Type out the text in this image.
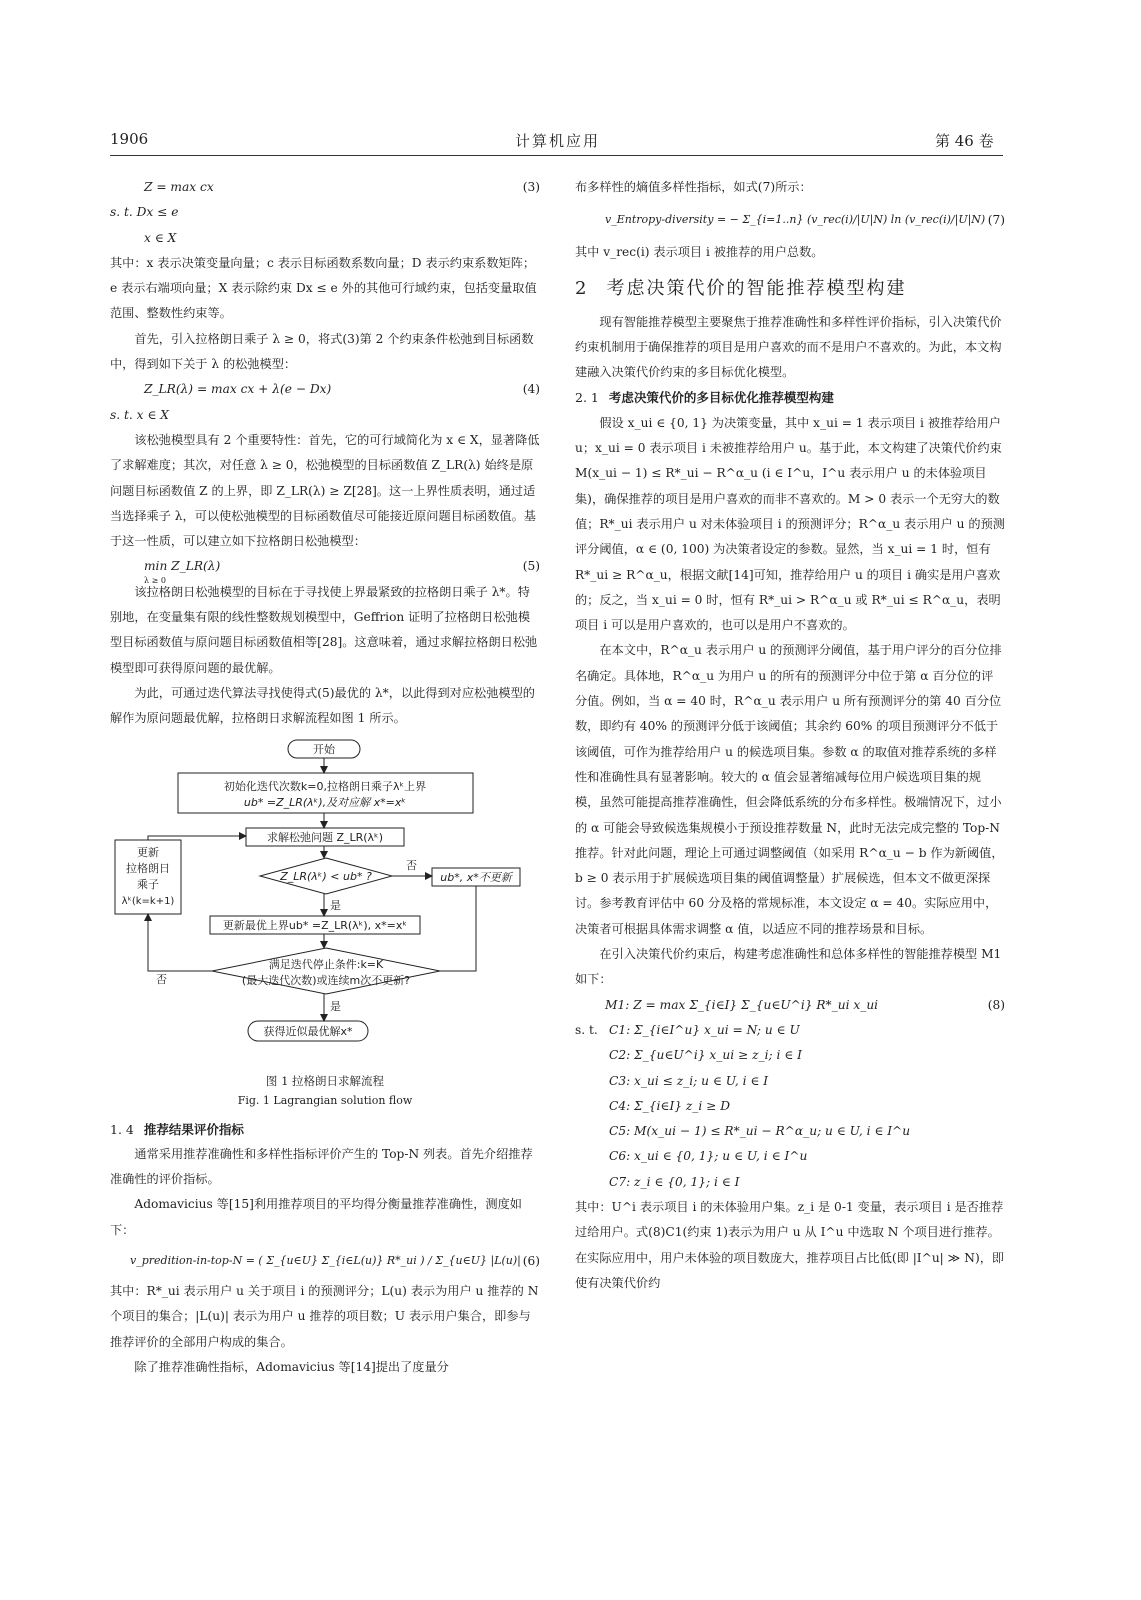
1906	计算机应用	第 46 卷
Z = max cx	(3)
s. t. Dx ≤ e
x ∈ X

其中：x 表示决策变量向量；c 表示目标函数系数向量；D 表示约束系数矩阵；e 表示右端项向量；X 表示除约束 Dx ≤ e 外的其他可行域约束，包括变量取值范围、整数性约束等。

首先，引入拉格朗日乘子 λ ≥ 0，将式(3)第 2 个约束条件松弛到目标函数中，得到如下关于 λ 的松弛模型：

Z_LR(λ) = max cx + λ(e − Dx)	(4)
s. t. x ∈ X

该松弛模型具有 2 个重要特性：首先，它的可行域简化为 x ∈ X，显著降低了求解难度；其次，对任意 λ ≥ 0，松弛模型的目标函数值 Z_LR(λ) 始终是原问题目标函数值 Z 的上界，即 Z_LR(λ) ≥ Z[28]。这一上界性质表明，通过适当选择乘子 λ，可以使松弛模型的目标函数值尽可能接近原问题目标函数值。基于这一性质，可以建立如下拉格朗日松弛模型：

min Z_LR(λ)
λ ≥ 0
(5)

该拉格朗日松弛模型的目标在于寻找使上界最紧致的拉格朗日乘子 λ*。特别地，在变量集有限的线性整数规划模型中，Geffrion 证明了拉格朗日松弛模型目标函数值与原问题目标函数值相等[28]。这意味着，通过求解拉格朗日松弛模型即可获得原问题的最优解。

为此，可通过迭代算法寻找使得式(5)最优的 λ*，以此得到对应松弛模型的解作为原问题最优解，拉格朗日求解流程如图 1 所示。

开始
初始化迭代次数k=0,拉格朗日乘子λᵏ上界
ub* =Z_LR(λᵏ),及对应解 x*=xᵏ
求解松弛问题 Z_LR(λᵏ)
Z_LR(λᵏ) < ub* ?
否
ub*, x*不更新
是
更新最优上界ub* =Z_LR(λᵏ), x*=xᵏ
满足迭代停止条件:k=K
(最大迭代次数)或连续m次不更新?
否
是
更新
拉格朗日
乘子
λᵏ(k=k+1)
获得近似最优解x*
图 1 拉格朗日求解流程
Fig. 1 Lagrangian solution flow
1. 4 推荐结果评价指标

通常采用推荐准确性和多样性指标评价产生的 Top-N 列表。首先介绍推荐准确性的评价指标。

Adomavicius 等[15]利用推荐项目的平均得分衡量推荐准确性，测度如下：

v_predition-in-top-N = ( Σ_{u∈U} Σ_{i∈L(u)} R*_ui ) / Σ_{u∈U} |L(u)| (6)

其中：R*_ui 表示用户 u 关于项目 i 的预测评分；L(u) 表示为用户 u 推荐的 N 个项目的集合；|L(u)| 表示为用户 u 推荐的项目数；U 表示用户集合，即参与推荐评价的全部用户构成的集合。

除了推荐准确性指标，Adomavicius 等[14]提出了度量分

布多样性的熵值多样性指标，如式(7)所示：

v_Entropy-diversity = − Σ_{i=1..n} (v_rec(i)/|U|N) ln (v_rec(i)/|U|N) (7)

其中 v_rec(i) 表示项目 i 被推荐的用户总数。

2 考虑决策代价的智能推荐模型构建

现有智能推荐模型主要聚焦于推荐准确性和多样性评价指标，引入决策代价约束机制用于确保推荐的项目是用户喜欢的而不是用户不喜欢的。为此，本文构建融入决策代价约束的多目标优化模型。

2. 1 考虑决策代价的多目标优化推荐模型构建

假设 x_ui ∈ {0, 1} 为决策变量，其中 x_ui = 1 表示项目 i 被推荐给用户 u；x_ui = 0 表示项目 i 未被推荐给用户 u。基于此，本文构建了决策代价约束 M(x_ui − 1) ≤ R*_ui − R^α_u (i ∈ I^u，I^u 表示用户 u 的未体验项目集)，确保推荐的项目是用户喜欢的而非不喜欢的。M > 0 表示一个无穷大的数值；R*_ui 表示用户 u 对未体验项目 i 的预测评分；R^α_u 表示用户 u 的预测评分阈值，α ∈ (0, 100) 为决策者设定的参数。显然，当 x_ui = 1 时，恒有 R*_ui ≥ R^α_u，根据文献[14]可知，推荐给用户 u 的项目 i 确实是用户喜欢的；反之，当 x_ui = 0 时，恒有 R*_ui > R^α_u 或 R*_ui ≤ R^α_u，表明项目 i 可以是用户喜欢的，也可以是用户不喜欢的。

在本文中，R^α_u 表示用户 u 的预测评分阈值，基于用户评分的百分位排名确定。具体地，R^α_u 为用户 u 的所有的预测评分中位于第 α 百分位的评分值。例如，当 α = 40 时，R^α_u 表示用户 u 所有预测评分的第 40 百分位数，即约有 40% 的预测评分低于该阈值；其余约 60% 的项目预测评分不低于该阈值，可作为推荐给用户 u 的候选项目集。参数 α 的取值对推荐系统的多样性和准确性具有显著影响。较大的 α 值会显著缩减每位用户候选项目集的规模，虽然可能提高推荐准确性，但会降低系统的分布多样性。极端情况下，过小的 α 可能会导致候选集规模小于预设推荐数量 N，此时无法完成完整的 Top-N 推荐。针对此问题，理论上可通过调整阈值（如采用 R^α_u − b 作为新阈值，b ≥ 0 表示用于扩展候选项目集的阈值调整量）扩展候选，但本文不做更深探讨。参考教育评估中 60 分及格的常规标准，本文设定 α = 40。实际应用中，决策者可根据具体需求调整 α 值，以适应不同的推荐场景和目标。

在引入决策代价约束后，构建考虑准确性和总体多样性的智能推荐模型 M1 如下：

M1: Z = max Σ_{i∈I} Σ_{u∈U^i} R*_ui x_ui	(8)
s. t. C1: Σ_{i∈I^u} x_ui = N; u ∈ U
C2: Σ_{u∈U^i} x_ui ≥ z_i; i ∈ I
C3: x_ui ≤ z_i; u ∈ U, i ∈ I
C4: Σ_{i∈I} z_i ≥ D
C5: M(x_ui − 1) ≤ R*_ui − R^α_u; u ∈ U, i ∈ I^u
C6: x_ui ∈ {0, 1}; u ∈ U, i ∈ I^u
C7: z_i ∈ {0, 1}; i ∈ I

其中：U^i 表示项目 i 的未体验用户集。z_i 是 0-1 变量，表示项目 i 是否推荐过给用户。式(8)C1(约束 1)表示为用户 u 从 I^u 中选取 N 个项目进行推荐。在实际应用中，用户未体验的项目数庞大，推荐项目占比低(即 |I^u| ≫ N)，即使有决策代价约
